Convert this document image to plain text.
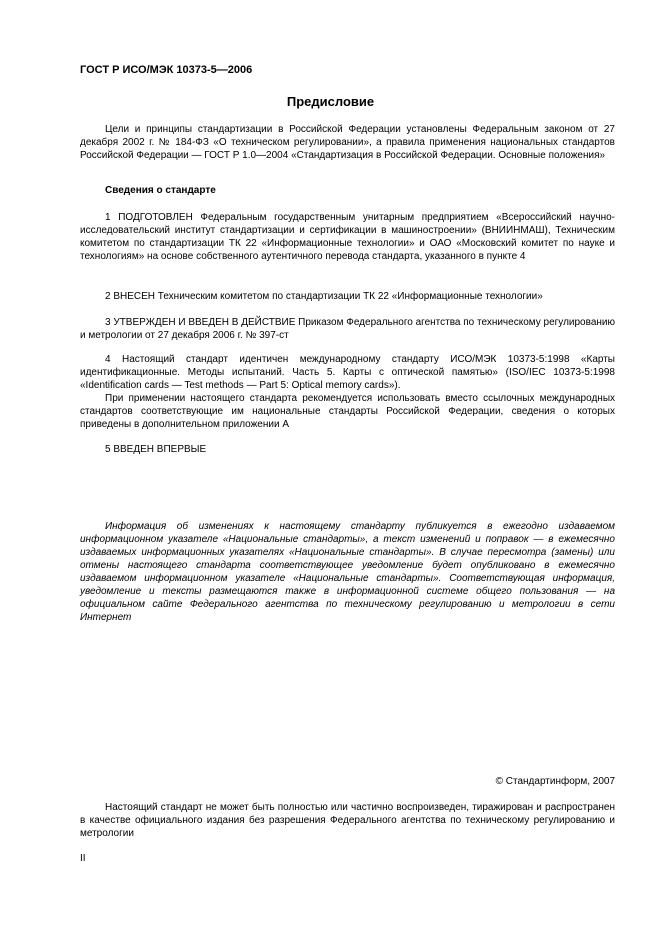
ГОСТ Р ИСО/МЭК 10373-5—2006
Предисловие

Цели и принципы стандартизации в Российской Федерации установлены Федеральным законом от 27 декабря 2002 г. № 184-ФЗ «О техническом регулировании», а правила применения национальных стандартов Российской Федерации — ГОСТ Р 1.0—2004 «Стандартизация в Российской Федерации. Основные положения»

Сведения о стандарте

1 ПОДГОТОВЛЕН Федеральным государственным унитарным предприятием «Всероссийский научно-исследовательский институт стандартизации и сертификации в машиностроении» (ВНИИНМАШ), Техническим комитетом по стандартизации ТК 22 «Информационные технологии» и ОАО «Московский комитет по науке и технологиям» на основе собственного аутентичного перевода стандарта, указанного в пункте 4

2 ВНЕСЕН Техническим комитетом по стандартизации ТК 22 «Информационные технологии»

3 УТВЕРЖДЕН И ВВЕДЕН В ДЕЙСТВИЕ Приказом Федерального агентства по техническому регулированию и метрологии от 27 декабря 2006 г. № 397-ст

4 Настоящий стандарт идентичен международному стандарту ИСО/МЭК 10373-5:1998 «Карты идентификационные. Методы испытаний. Часть 5. Карты с оптической памятью» (ISO/IEC 10373-5:1998 «Identification cards — Test methods — Part 5: Optical memory cards»).

При применении настоящего стандарта рекомендуется использовать вместо ссылочных международных стандартов соответствующие им национальные стандарты Российской Федерации, сведения о которых приведены в дополнительном приложении А

5 ВВЕДЕН ВПЕРВЫЕ

Информация об изменениях к настоящему стандарту публикуется в ежегодно издаваемом информационном указателе «Национальные стандарты», а текст изменений и поправок — в ежемесячно издаваемых информационных указателях «Национальные стандарты». В случае пересмотра (замены) или отмены настоящего стандарта соответствующее уведомление будет опубликовано в ежемесячно издаваемом информационном указателе «Национальные стандарты». Соответствующая информация, уведомление и тексты размещаются также в информационной системе общего пользования — на официальном сайте Федерального агентства по техническому регулированию и метрологии в сети Интернет

© Стандартинформ, 2007

Настоящий стандарт не может быть полностью или частично воспроизведен, тиражирован и распространен в качестве официального издания без разрешения Федерального агентства по техническому регулированию и метрологии

II
